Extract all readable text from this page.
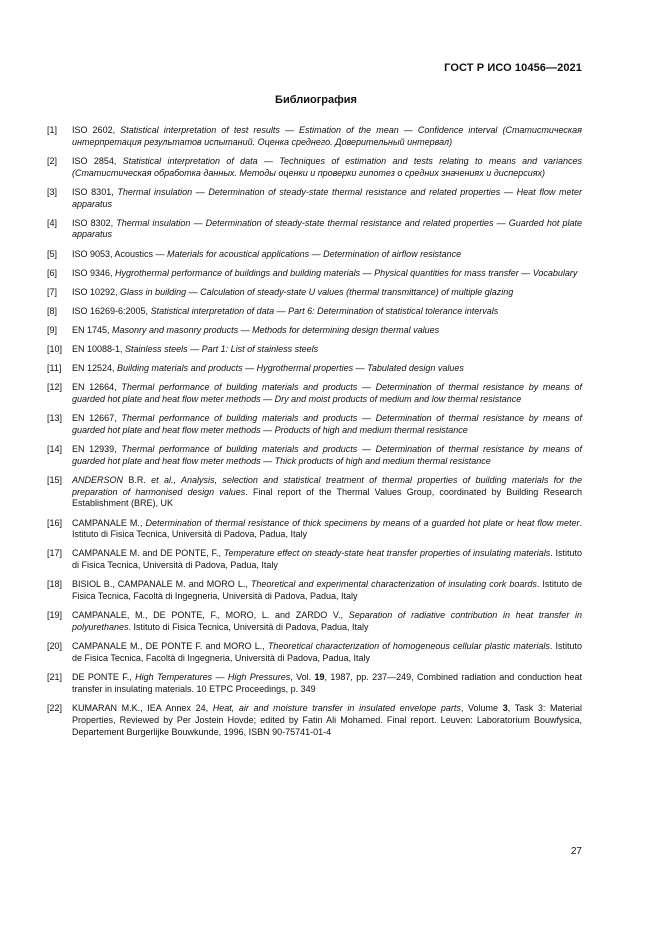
ГОСТ Р ИСО 10456—2021
Библиография
[1]	ISO 2602, Statistical interpretation of test results — Estimation of the mean — Confidence interval (Статистическая интерпретация результатов испытаний. Оценка среднего. Доверительный интервал)
[2]	ISO 2854, Statistical interpretation of data — Techniques of estimation and tests relating to means and variances (Статистическая обработка данных. Методы оценки и проверки гипотез о средних значениях и дисперсиях)
[3]	ISO 8301, Thermal insulation — Determination of steady-state thermal resistance and related properties — Heat flow meter apparatus
[4]	ISO 8302, Thermal insulation — Determination of steady-state thermal resistance and related properties — Guarded hot plate apparatus
[5]	ISO 9053, Acoustics — Materials for acoustical applications — Determination of airflow resistance
[6]	ISO 9346, Hygrothermal performance of buildings and building materials — Physical quantities for mass transfer — Vocabulary
[7]	ISO 10292, Glass in building — Calculation of steady-state U values (thermal transmittance) of multiple glazing
[8]	ISO 16269-6:2005, Statistical interpretation of data — Part 6: Determination of statistical tolerance intervals
[9]	EN 1745, Masonry and masonry products — Methods for determining design thermal values
[10]	EN 10088-1, Stainless steels — Part 1: List of stainless steels
[11]	EN 12524, Building materials and products — Hygrothermal properties — Tabulated design values
[12]	EN 12664, Thermal performance of building materials and products — Determination of thermal resistance by means of guarded hot plate and heat flow meter methods — Dry and moist products of medium and low thermal resistance
[13]	EN 12667, Thermal performance of building materials and products — Determination of thermal resistance by means of guarded hot plate and heat flow meter methods — Products of high and medium thermal resistance
[14]	EN 12939, Thermal performance of building materials and products — Determination of thermal resistance by means of guarded hot plate and heat flow meter methods — Thick products of high and medium thermal resistance
[15]	ANDERSON B.R. et al., Analysis, selection and statistical treatment of thermal properties of building materials for the preparation of harmonised design values. Final report of the Thermal Values Group, coordinated by Building Research Establishment (BRE), UK
[16]	CAMPANALE M., Determination of thermal resistance of thick specimens by means of a guarded hot plate or heat flow meter. Istituto di Fisica Tecnica, Università di Padova, Padua, Italy
[17]	CAMPANALE M. and DE PONTE, F., Temperature effect on steady-state heat transfer properties of insulating materials. Istituto di Fisica Tecnica, Università di Padova, Padua, Italy
[18]	BISIOL B., CAMPANALE M. and MORO L., Theoretical and experimental characterization of insulating cork boards. Istituto de Fisica Tecnica, Facoltà di Ingegneria, Università di Padova, Padua, Italy
[19]	CAMPANALE, M., DE PONTE, F., MORO, L. and ZARDO V., Separation of radiative contribution in heat transfer in polyurethanes. Istituto di Fisica Tecnica, Università di Padova, Padua, Italy
[20]	CAMPANALE M., DE PONTE F. and MORO L., Theoretical characterization of homogeneous cellular plastic materials. Istituto de Fisica Tecnica, Facoltà di Ingegneria, Università di Padova, Padua, Italy
[21]	DE PONTE F., High Temperatures — High Pressures, Vol. 19, 1987, pp. 237—249, Combined radiation and conduction heat transfer in insulating materials. 10 ETPC Proceedings, p. 349
[22]	KUMARAN M.K., IEA Annex 24, Heat, air and moisture transfer in insulated envelope parts, Volume 3, Task 3: Material Properties, Reviewed by Per Jostein Hovde; edited by Fatin Ali Mohamed. Final report. Leuven: Laboratorium Bouwfysica, Departement Burgerlijke Bouwkunde, 1996, ISBN 90-75741-01-4
27
